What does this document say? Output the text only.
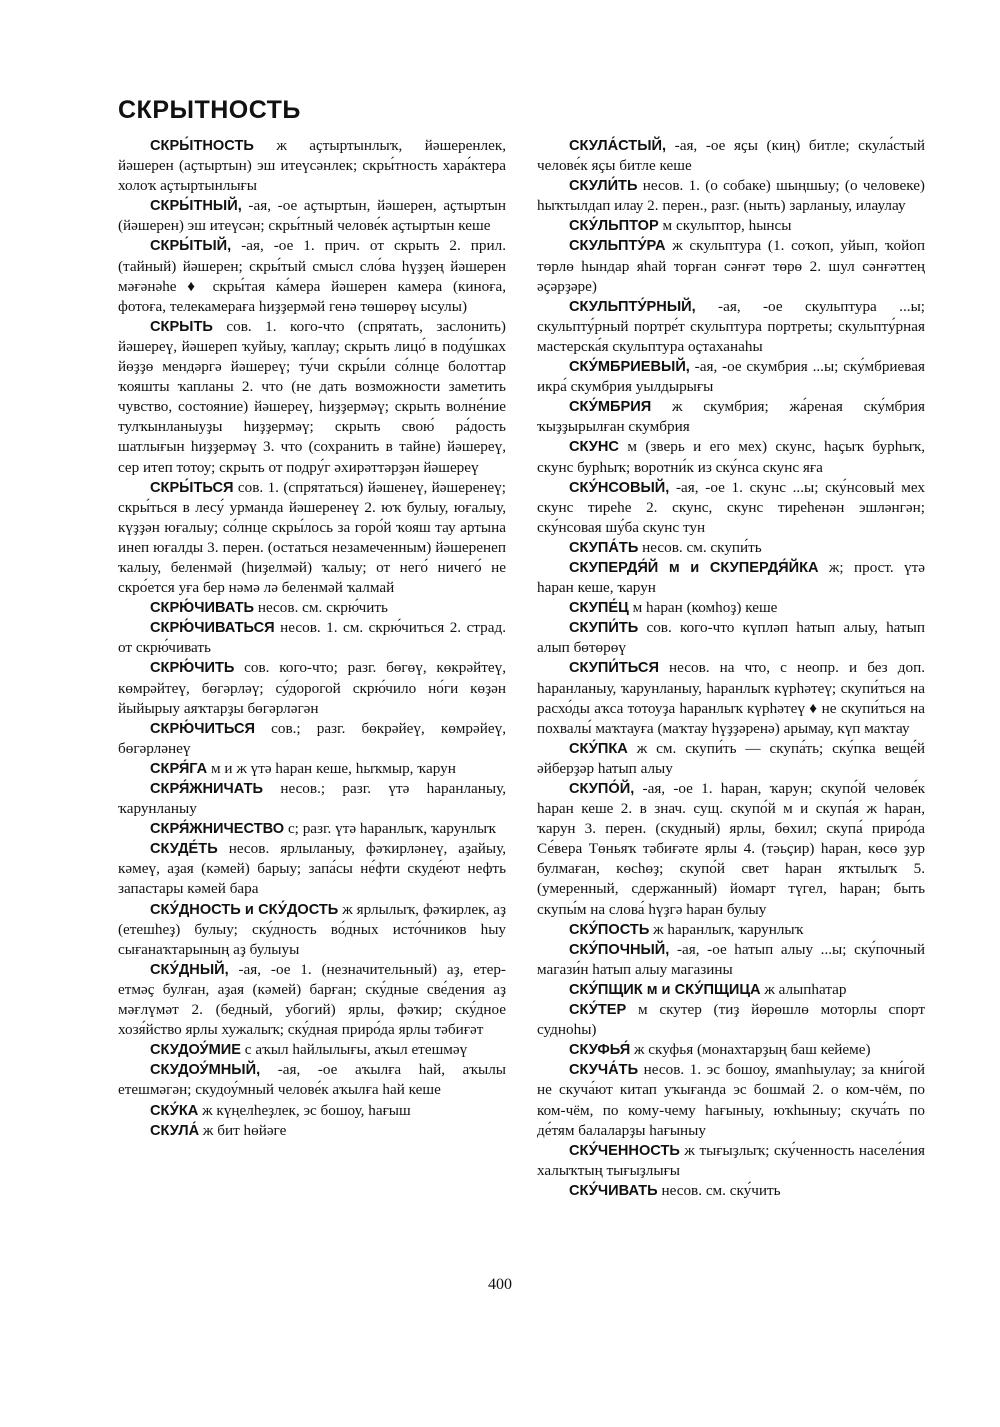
СКРЫТНОСТЬ

СКРЫ́ТНОСТЬ ж аҫтыртынлыҡ, йәшеренлек, йәшерен (аҫтыртын) эш итеүсәнлек; скры́тность хара́ктера холоҡ аҫтыртынлығы

СКРЫ́ТНЫЙ, -ая, -ое аҫтыртын, йәшерен, аҫтыртын (йәшерен) эш итеүсән; скры́тный челове́к аҫтыртын кеше

СКРЫ́ТЫЙ, -ая, -ое 1. прич. от скрыть 2. прил. (тайный) йәшерен; скры́тый смысл сло́ва һүҙҙең йәшерен мәғәнәһе ♦ скры́тая ка́мера йәшерен камера (киноға, фотоға, телекамераға һиҙҙермәй генә төшөрөү ысулы)

СКРЫТЬ сов. 1. кого-что (спрятать, заслонить) йәшереү, йәшереп ҡуйыу, ҡаплау; скрыть лицо́ в поду́шках йөҙҙө мендәргә йәшереү; ту́чи скры́ли со́лнце болоттар ҡояшты ҡапланы 2. что (не дать возможности заметить чувство, состояние) йәшереү, һиҙҙермәү; скрыть волне́ние тулҡынланыуҙы һиҙҙермәү; скрыть свою́ ра́дость шатлығын һиҙҙермәү 3. что (сохранить в тайне) йәшереү, сер итеп тотоу; скрыть от подру́г әхирәттәрҙән йәшереү

СКРЫ́ТЬСЯ сов. 1. (спрятаться) йәшенеү, йәшеренеү; скры́ться в лесу́ урманда йәшеренеү 2. юҡ булыу, юғалыу, күҙҙән юғалыу; со́лнце скры́лось за горо́й ҡояш тау артына инеп юғалды 3. перен. (остаться незамеченным) йәшеренеп ҡалыу, беленмәй (һиҙелмәй) ҡалыу; от него́ ничего́ не скро́ется уға бер нәмә лә беленмәй ҡалмай

СКРЮ́ЧИВАТЬ несов. см. скрю́чить

СКРЮ́ЧИВАТЬСЯ несов. 1. см. скрю́читься 2. страд. от скрю́чивать

СКРЮ́ЧИТЬ сов. кого-что; разг. бөгөү, көкрәйтеү, көмрәйтеү, бөгәрләү; су́дорогой скрю́чило но́ги көҙән йыйырыу аяҡтарҙы бөгәрләгән

СКРЮ́ЧИТЬСЯ сов.; разг. бөкрәйеү, көмрәйеү, бөгәрләнеү

СКРЯ́ГА м и ж үтә һаран кеше, һыҡмыр, ҡарун

СКРЯ́ЖНИЧАТЬ несов.; разг. үтә һаранланыу, ҡарунланыу

СКРЯ́ЖНИЧЕСТВО с; разг. үтә һаранлыҡ, ҡарунлыҡ

СКУДЕ́ТЬ несов. ярлыланыу, фәҡирләнеү, аҙайыу, кәмеү, аҙая (кәмей) барыу; запа́сы не́фти скуде́ют нефть запастары кәмей бара

СКУ́ДНОСТЬ и СКУ́ДОСТЬ ж ярлылыҡ, фәҡирлек, аҙ (етешһеҙ) булыу; ску́дность во́дных исто́чников һыу сығанаҡтарының аҙ булыуы

СКУ́ДНЫЙ, -ая, -ое 1. (незначительный) аҙ, етер-етмәҫ булған, аҙая (кәмей) барған; ску́дные све́дения аҙ мәғлүмәт 2. (бедный, убогий) ярлы, фәҡир; ску́дное хозя́йство ярлы хужалыҡ; ску́дная приро́да ярлы тәбиғәт

СКУДОУ́МИЕ с аҡыл һайлылығы, аҡыл етешмәү

СКУДОУ́МНЫЙ, -ая, -ое аҡылға һай, аҡылы етешмәгән; скудоу́мный челове́к аҡылға һай кеше

СКУ́КА ж күңелһеҙлек, эс бошоу, һағыш

СКУЛА́ ж бит һөйәге

СКУЛА́СТЫЙ, -ая, -ое яҫы (киң) битле; скула́стый челове́к яҫы битле кеше

СКУЛИ́ТЬ несов. 1. (о собаке) шыңшыу; (о человеке) һыҡтылдап илау 2. перен., разг. (ныть) зарланыу, илаулау

СКУ́ЛЬПТОР м скульптор, һынсы

СКУЛЬПТУ́РА ж скульптура (1. соҡоп, уйып, ҡойоп төрлө һындар яһай торған сәнғәт төрө 2. шул сәнғәттең әҫәрҙәре)

СКУЛЬПТУ́РНЫЙ, -ая, -ое скульптура ...ы; скульпту́рный портре́т скульптура портреты; скульпту́рная мастерска́я скульптура оҫтаханаһы

СКУ́МБРИЕВЫЙ, -ая, -ое скумбрия ...ы; ску́мбриевая икра́ скумбрия уылдырығы

СКУ́МБРИЯ ж скумбрия; жа́реная ску́мбрия ҡыҙҙырылған скумбрия

СКУНС м (зверь и его мех) скунс, һаҫыҡ бурһыҡ, скунс бурһыҡ; воротни́к из ску́нса скунс яға

СКУ́НСОВЫЙ, -ая, -ое 1. скунс ...ы; ску́нсовый мех скунс тиреһе 2. скунс, скунс тиреһенән эшләнгән; ску́нсовая шу́ба скунс тун

СКУПА́ТЬ несов. см. скупи́ть

СКУПЕРДЯ́Й м и СКУПЕРДЯ́ЙКА ж; прост. үтә һаран кеше, ҡарун

СКУПЕ́Ц м һаран (комһоҙ) кеше

СКУПИ́ТЬ сов. кого-что күпләп һатып алыу, һатып алып бөтөрөү

СКУПИ́ТЬСЯ несов. на что, с неопр. и без доп. һаранланыу, ҡарунланыу, һаранлыҡ күрһәтеү; скупи́ться на расхо́ды аҡса тотоуҙа һаранлыҡ күрһәтеү ♦ не скупи́ться на похвалы́ маҡтауға (маҡтау һүҙҙәренә) арымау, күп маҡтау

СКУ́ПКА ж см. скупи́ть — скупа́ть; ску́пка веще́й әйберҙәр һатып алыу

СКУПО́Й, -ая, -ое 1. һаран, ҡарун; скупо́й челове́к һаран кеше 2. в знач. сущ. скупо́й м и скупа́я ж һаран, ҡарун 3. перен. (скудный) ярлы, бөхил; скупа́ приро́да Се́вера Төньяҡ тәбиғәте ярлы 4. (тәьҫир) һаран, көсө ҙур булмаған, көсһөҙ; скупо́й свет һаран яҡтылыҡ 5. (умеренный, сдержанный) йомарт түгел, һаран; быть скупы́м на слова́ һүҙгә һаран булыу

СКУ́ПОСТЬ ж һаранлыҡ, ҡарунлыҡ

СКУ́ПОЧНЫЙ, -ая, -ое һатып алыу ...ы; ску́почный магази́н һатып алыу магазины

СКУ́ПЩИК м и СКУ́ПЩИЦА ж алыпһатар

СКУ́ТЕР м скутер (тиҙ йөрөшлө моторлы спорт судноһы)

СКУФЬЯ́ ж скуфья (монахтарҙың баш кейеме)

СКУЧА́ТЬ несов. 1. эс бошоу, ямanһыулау; за кни́гой не скуча́ют китап уҡығанда эс бошмай 2. о ком-чём, по ком-чём, по кому-чему һағыныу, юҡһыныу; скуча́ть по де́тям балаларҙы һағыныу

СКУ́ЧЕННОСТЬ ж тығыҙлыҡ; ску́ченность населе́ния халыҡтың тығыҙлығы

СКУ́ЧИВАТЬ несов. см. ску́чить

400
